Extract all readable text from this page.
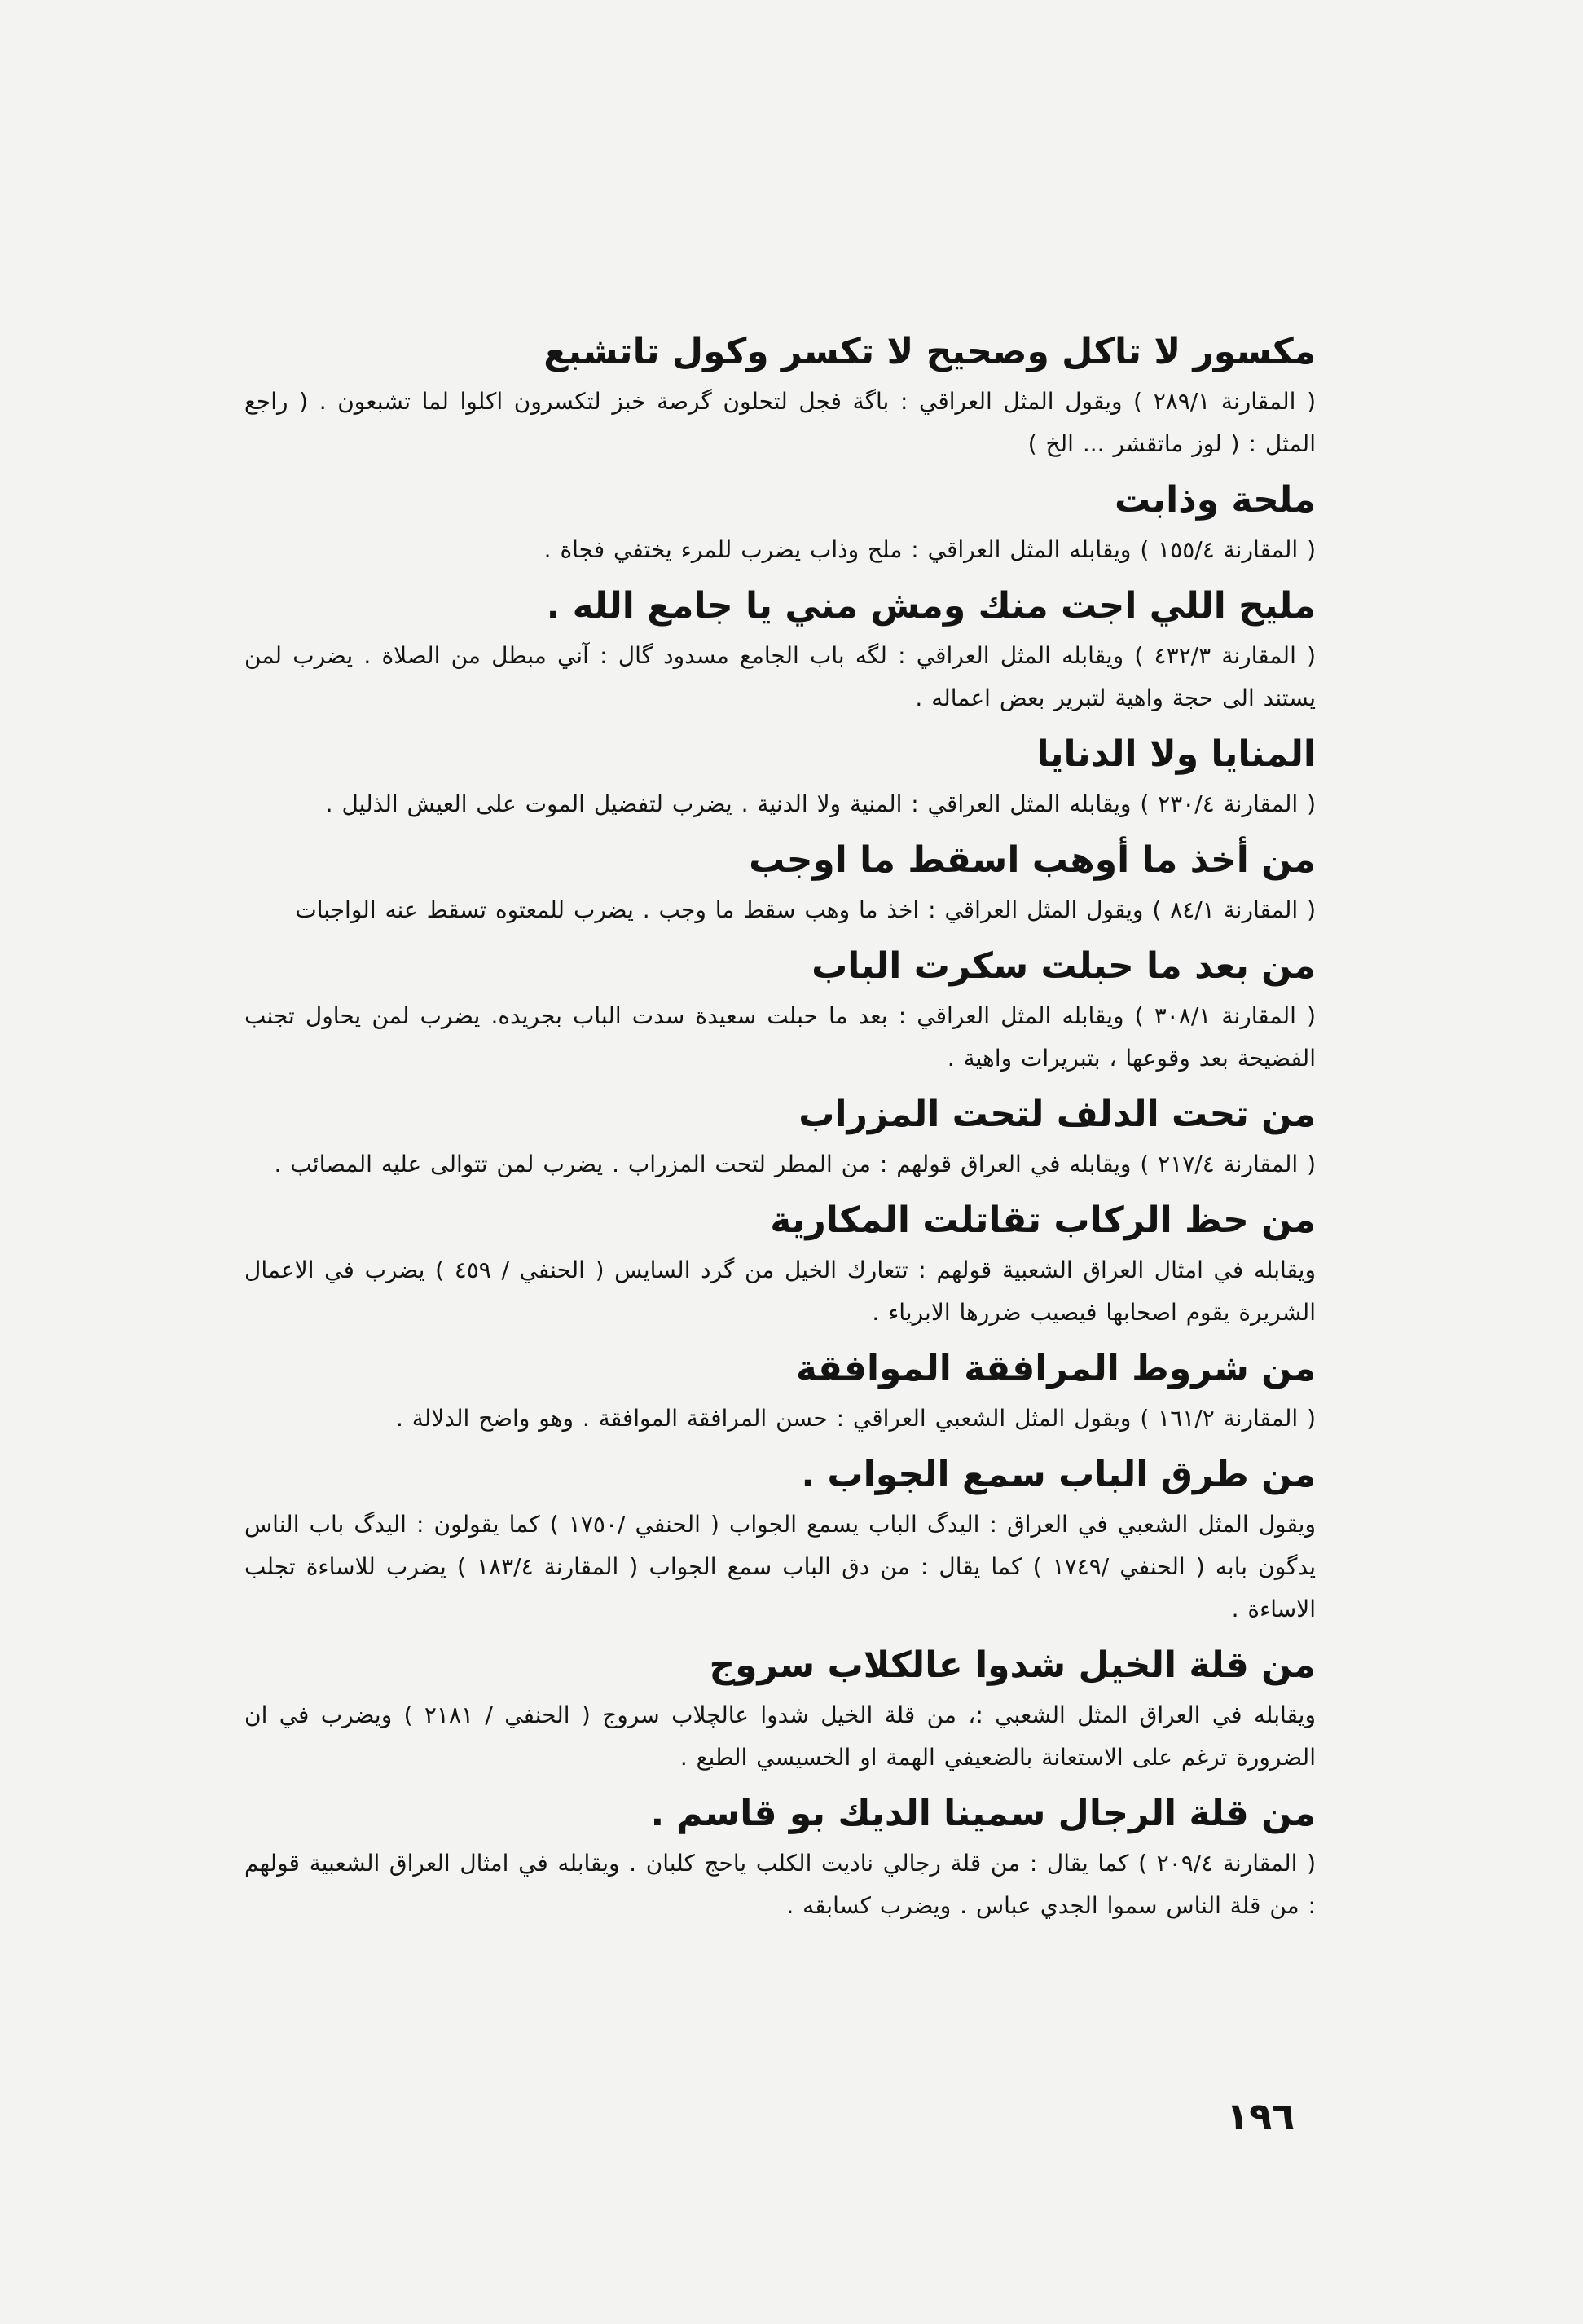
مكسور لا تاكل وصحيح لا تكسر وكول تاتشبع

( المقارنة ٢٨٩/١ ) ويقول المثل العراقي : باگة فجل لتحلون گرصة خبز لتكسرون اكلوا لما تشبعون . ( راجع المثل : ( لوز ماتقشر ... الخ )

ملحة وذابت

( المقارنة ١٥٥/٤ ) ويقابله المثل العراقي : ملح وذاب يضرب للمرء يختفي فجاة .

مليح اللي اجت منك ومش مني يا جامع الله .

( المقارنة ٤٣٢/٣ ) ويقابله المثل العراقي : لگه باب الجامع مسدود گال : آني مبطل من الصلاة . يضرب لمن يستند الى حجة واهية لتبرير بعض اعماله .

المنايا ولا الدنايا

( المقارنة ٢٣٠/٤ ) ويقابله المثل العراقي : المنية ولا الدنية . يضرب لتفضيل الموت على العيش الذليل .

من أخذ ما أوهب اسقط ما اوجب

( المقارنة ٨٤/١ ) ويقول المثل العراقي : اخذ ما وهب سقط ما وجب . يضرب للمعتوه تسقط عنه الواجبات

من بعد ما حبلت سكرت الباب

( المقارنة ٣٠٨/١ ) ويقابله المثل العراقي : بعد ما حبلت سعيدة سدت الباب بجريده. يضرب لمن يحاول تجنب الفضيحة بعد وقوعها ، بتبريرات واهية .

من تحت الدلف لتحت المزراب

( المقارنة ٢١٧/٤ ) ويقابله في العراق قولهم : من المطر لتحت المزراب . يضرب لمن تتوالى عليه المصائب .

من حظ الركاب تقاتلت المكارية

ويقابله في امثال العراق الشعبية قولهم : تتعارك الخيل من گرد السايس ( الحنفي / ٤٥٩ ) يضرب في الاعمال الشريرة يقوم اصحابها فيصيب ضررها الابرياء .

من شروط المرافقة الموافقة

( المقارنة ١٦١/٢ ) ويقول المثل الشعبي العراقي : حسن المرافقة الموافقة . وهو واضح الدلالة .

من طرق الباب سمع الجواب .

ويقول المثل الشعبي في العراق : اليدگ الباب يسمع الجواب ( الحنفي /١٧٥٠ ) كما يقولون : اليدگ باب الناس يدگون بابه ( الحنفي /١٧٤٩ ) كما يقال : من دق الباب سمع الجواب ( المقارنة ١٨٣/٤ ) يضرب للاساءة تجلب الاساءة .

من قلة الخيل شدوا عالكلاب سروج

ويقابله في العراق المثل الشعبي :، من قلة الخيل شدوا عالچلاب سروج ( الحنفي / ٢١٨١ ) ويضرب في ان الضرورة ترغم على الاستعانة بالضعيفي الهمة او الخسيسي الطبع .

من قلة الرجال سمينا الديك بو قاسم .

( المقارنة ٢٠٩/٤ ) كما يقال : من قلة رجالي ناديت الكلب ياحج كلبان . ويقابله في امثال العراق الشعبية قولهم : من قلة الناس سموا الجدي عباس . ويضرب كسابقه .

١٩٦
